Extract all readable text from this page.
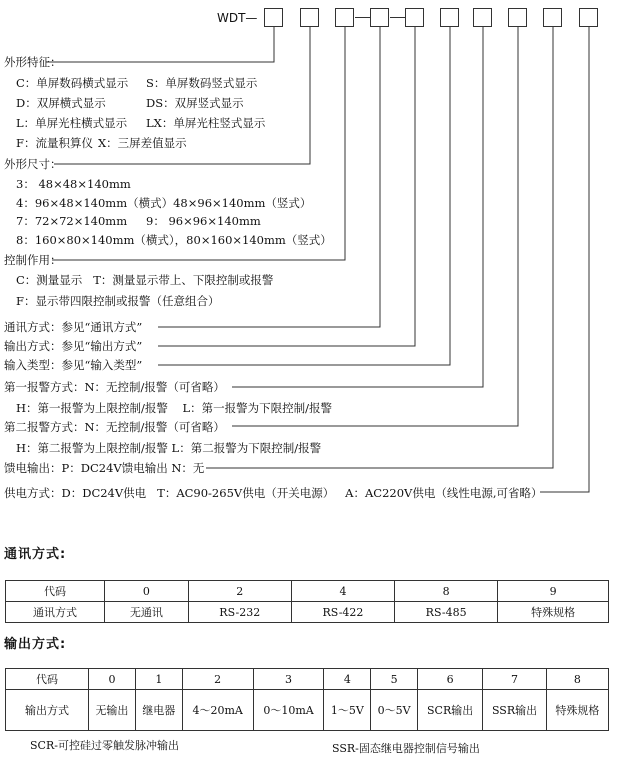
WDT—
外形特征：
C：单屏数码横式显示 S：单屏数码竖式显示
D：双屏横式显示	DS：双屏竖式显示
L：单屏光柱横式显示 LX：单屏光柱竖式显示
F：流量积算仪 X：三屏差值显示
外形尺寸：
3： 48×48×140mm
4：96×48×140mm（横式）48×96×140mm（竖式）
7：72×72×140mm 9： 96×96×140mm
8：160×80×140mm（横式），80×160×140mm（竖式）
控制作用：
C：测量显示   T：测量显示带上、下限控制或报警
F：显示带四限控制或报警（任意组合）
通讯方式：参见“通讯方式”
输出方式：参见“输出方式”
输入类型：参见“输入类型”
第一报警方式：N：无控制/报警（可省略）
H：第一报警为上限控制/报警    L：第一报警为下限控制/报警
第二报警方式：N：无控制/报警（可省略）
H：第二报警为上限控制/报警 L：第二报警为下限控制/报警
馈电输出：P：DC24V馈电输出 N：无
供电方式：D：DC24V供电   T：AC90-265V供电（开关电源）   A：AC220V供电（线性电源,可省略）
通讯方式:
代码	0	2	4	8	9
通讯方式	无通讯	RS-232	RS-422	RS-485	特殊规格
输出方式:
代码	0	1	2	3	4	5	6	7	8
输出方式	无输出	继电器	4～20mA	0～10mA	1～5V	0～5V	SCR输出	SSR输出	特殊规格
SCR-可控硅过零触发脉冲输出	SSR-固态继电器控制信号输出
